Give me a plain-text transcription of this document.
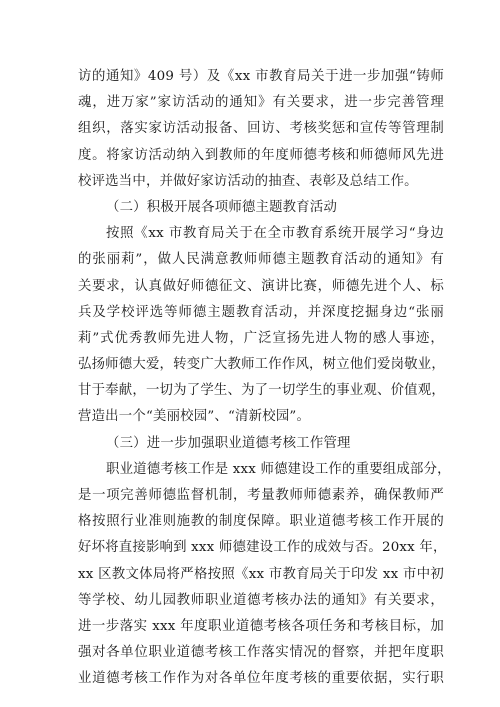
访的通知》409 号）及《xx 市教育局关于进一步加强“铸师
魂，进万家”家访活动的通知》有关要求，进一步完善管理
组织，落实家访活动报备、回访、考核奖惩和宣传等管理制
度。将家访活动纳入到教师的年度师德考核和师德师风先进
校评选当中，并做好家访活动的抽查、表彰及总结工作。
（二）积极开展各项师德主题教育活动
按照《xx 市教育局关于在全市教育系统开展学习“身边
的张丽莉”，做人民满意教师师德主题教育活动的通知》有
关要求，认真做好师德征文、演讲比赛，师德先进个人、标
兵及学校评选等师德主题教育活动，并深度挖掘身边“张丽
莉”式优秀教师先进人物，广泛宣扬先进人物的感人事迹，
弘扬师德大爱，转变广大教师工作作风，树立他们爱岗敬业，
甘于奉献，一切为了学生、为了一切学生的事业观、价值观，
营造出一个“美丽校园”、“清新校园”。
（三）进一步加强职业道德考核工作管理
职业道德考核工作是 xxx 师德建设工作的重要组成部分，
是一项完善师德监督机制，考量教师师德素养，确保教师严
格按照行业准则施教的制度保障。职业道德考核工作开展的
好坏将直接影响到 xxx 师德建设工作的成效与否。20xx 年，
xx 区教文体局将严格按照《xx 市教育局关于印发 xx 市中初
等学校、幼儿园教师职业道德考核办法的通知》有关要求，
进一步落实 xxx 年度职业道德考核各项任务和考核目标，加
强对各单位职业道德考核工作落实情况的督察，并把年度职
业道德考核工作作为对各单位年度考核的重要依据，实行职
